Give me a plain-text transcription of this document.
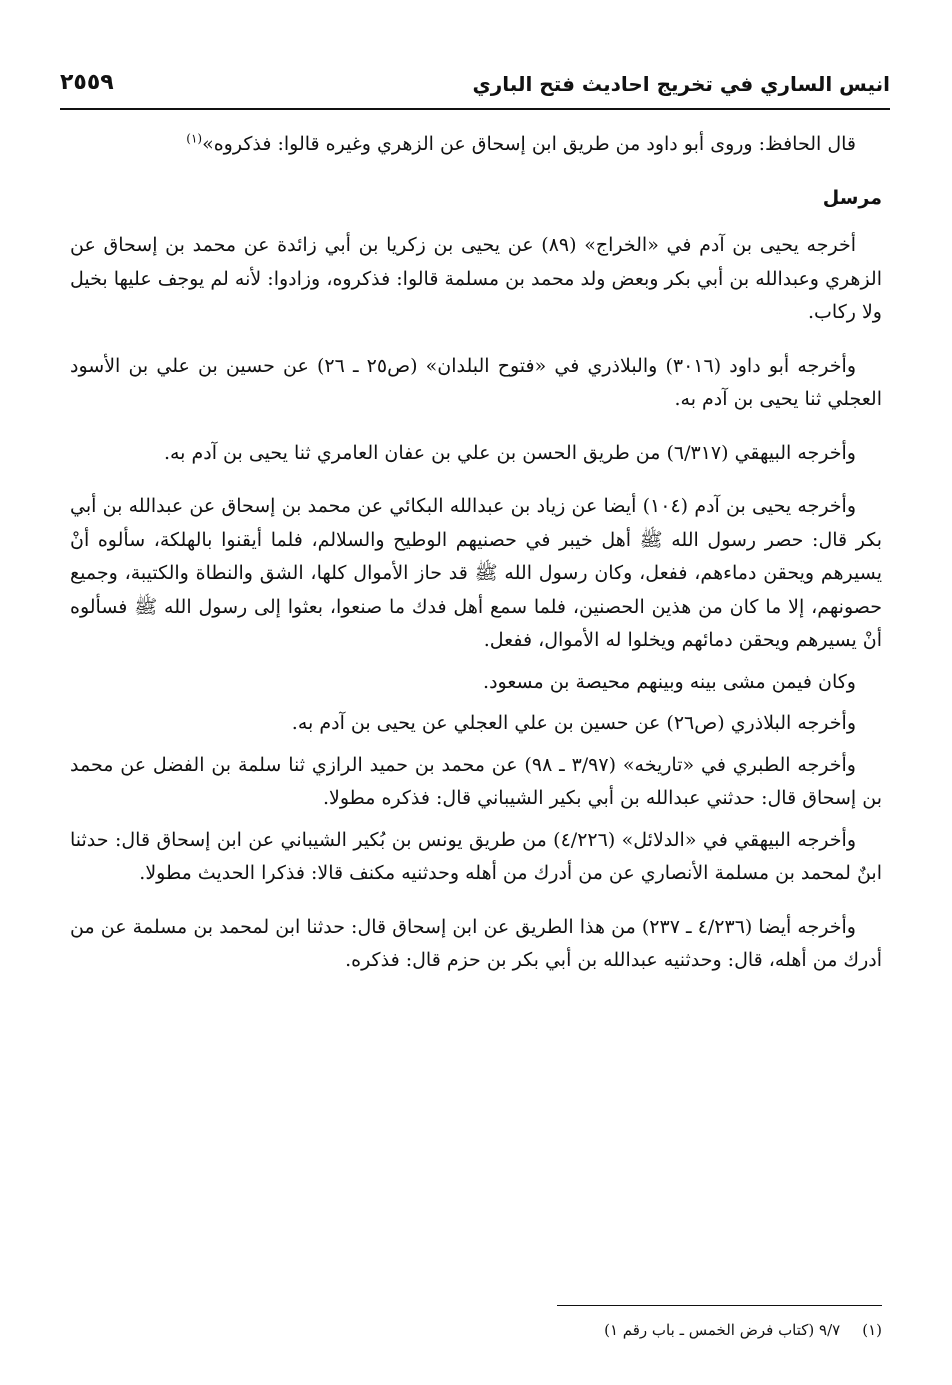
انيس الساري في تخريج احاديث فتح الباري
٢٥٥٩

قال الحافظ: وروى أبو داود من طريق ابن إسحاق عن الزهري وغيره قالوا: فذكروه»$^{(١)}$

مرسل

أخرجه يحيى بن آدم في «الخراج» (٨٩) عن يحيى بن زكريا بن أبي زائدة عن محمد بن إسحاق عن الزهري وعبدالله بن أبي بكر وبعض ولد محمد بن مسلمة قالوا: فذكروه، وزادوا: لأنه لم يوجف عليها بخيل ولا ركاب.

وأخرجه أبو داود (٣٠١٦) والبلاذري في «فتوح البلدان» (ص٢٥ ـ ٢٦) عن حسين بن علي بن الأسود العجلي ثنا يحيى بن آدم به.

وأخرجه البيهقي (٦/٣١٧) من طريق الحسن بن علي بن عفان العامري ثنا يحيى بن آدم به.

وأخرجه يحيى بن آدم (١٠٤) أيضا عن زياد بن عبدالله البكائي عن محمد بن إسحاق عن عبدالله بن أبي بكر قال: حصر رسول الله ﷺ أهل خيبر في حصنيهم الوطيح والسلالم، فلما أيقنوا بالهلكة، سألوه أنْ يسيرهم ويحقن دماءهم، ففعل، وكان رسول الله ﷺ قد حاز الأموال كلها، الشق والنطاة والكتيبة، وجميع حصونهم، إلا ما كان من هذين الحصنين، فلما سمع أهل فدك ما صنعوا، بعثوا إلى رسول الله ﷺ فسألوه أنْ يسيرهم ويحقن دمائهم ويخلوا له الأموال، ففعل.

وكان فيمن مشى بينه وبينهم محيصة بن مسعود.

وأخرجه البلاذري (ص٢٦) عن حسين بن علي العجلي عن يحيى بن آدم به.

وأخرجه الطبري في «تاريخه» (٣/٩٧ ـ ٩٨) عن محمد بن حميد الرازي ثنا سلمة بن الفضل عن محمد بن إسحاق قال: حدثني عبدالله بن أبي بكير الشيباني قال: فذكره مطولا.

وأخرجه البيهقي في «الدلائل» (٤/٢٢٦) من طريق يونس بن بُكير الشيباني عن ابن إسحاق قال: حدثنا ابنٌ لمحمد بن مسلمة الأنصاري عن من أدرك من أهله وحدثنيه مكنف قالا: فذكرا الحديث مطولا.

وأخرجه أيضا (٤/٢٣٦ ـ ٢٣٧) من هذا الطريق عن ابن إسحاق قال: حدثنا ابن لمحمد بن مسلمة عن من أدرك من أهله، قال: وحدثنيه عبدالله بن أبي بكر بن حزم قال: فذكره.

(١)٩/٧ (كتاب فرض الخمس ـ باب رقم ١)
